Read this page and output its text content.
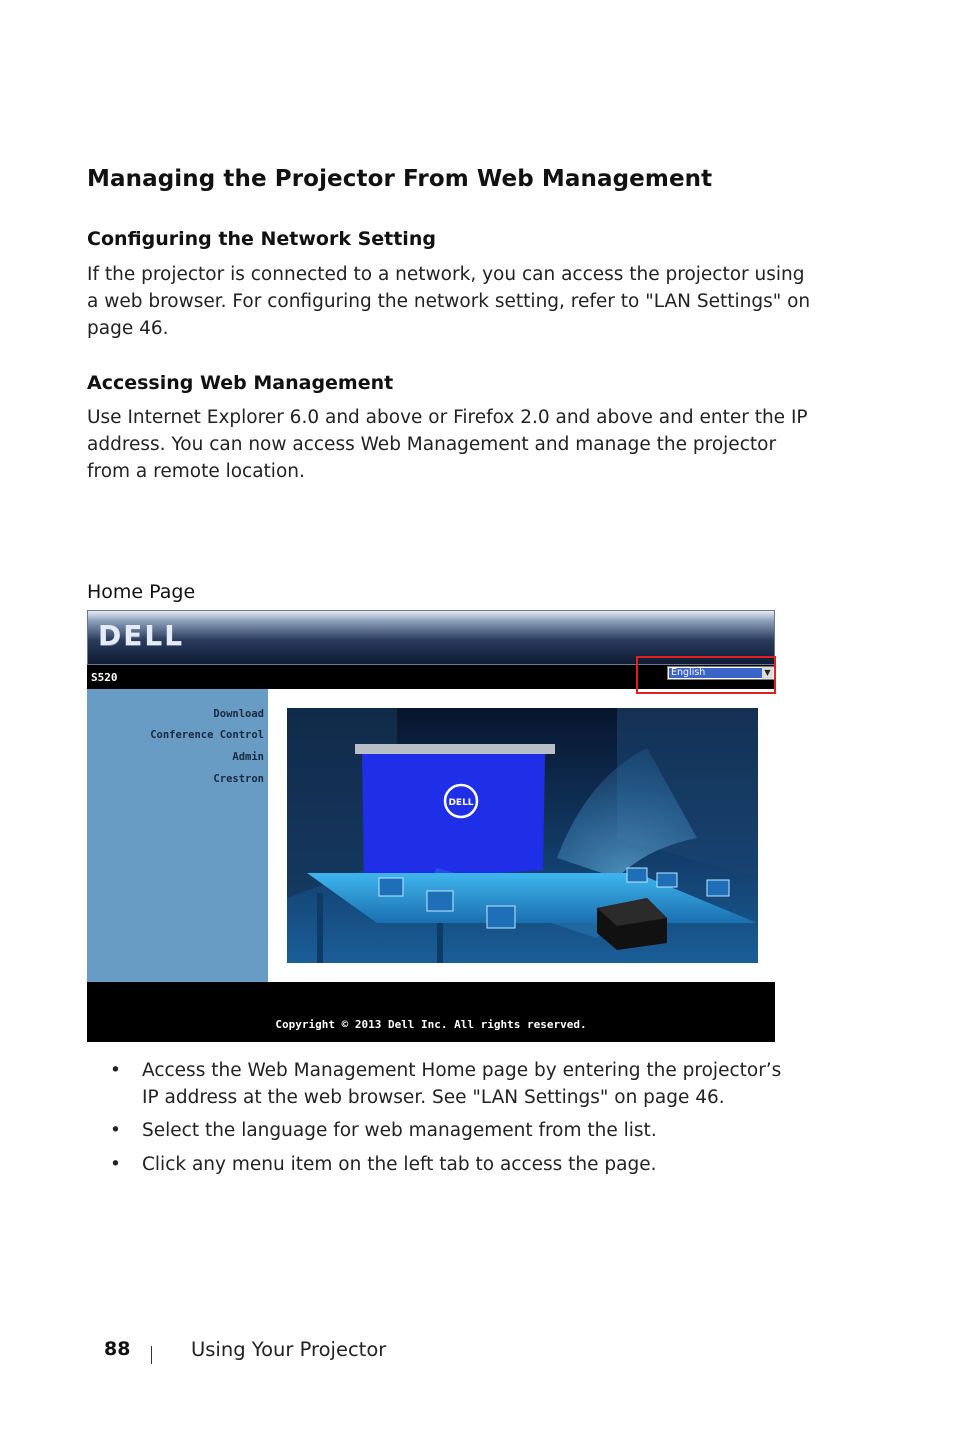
Managing the Projector From Web Management
Configuring the Network Setting

If the projector is connected to a network, you can access the projector using
a web browser. For configuring the network setting, refer to "LAN Settings" on
page 46.

Accessing Web Management

Use Internet Explorer 6.0 and above or Firefox 2.0 and above and enter the IP
address. You can now access Web Management and manage the projector
from a remote location.

Home Page
DELL
S520	English	▼
Download
Conference Control
Admin
Crestron
DELL
Copyright © 2013 Dell Inc. All rights reserved.
• Access the Web Management Home page by entering the projector’s
IP address at the web browser. See "LAN Settings" on page 46.
• Select the language for web management from the list.
• Click any menu item on the left tab to access the page.
88	Using Your Projector
